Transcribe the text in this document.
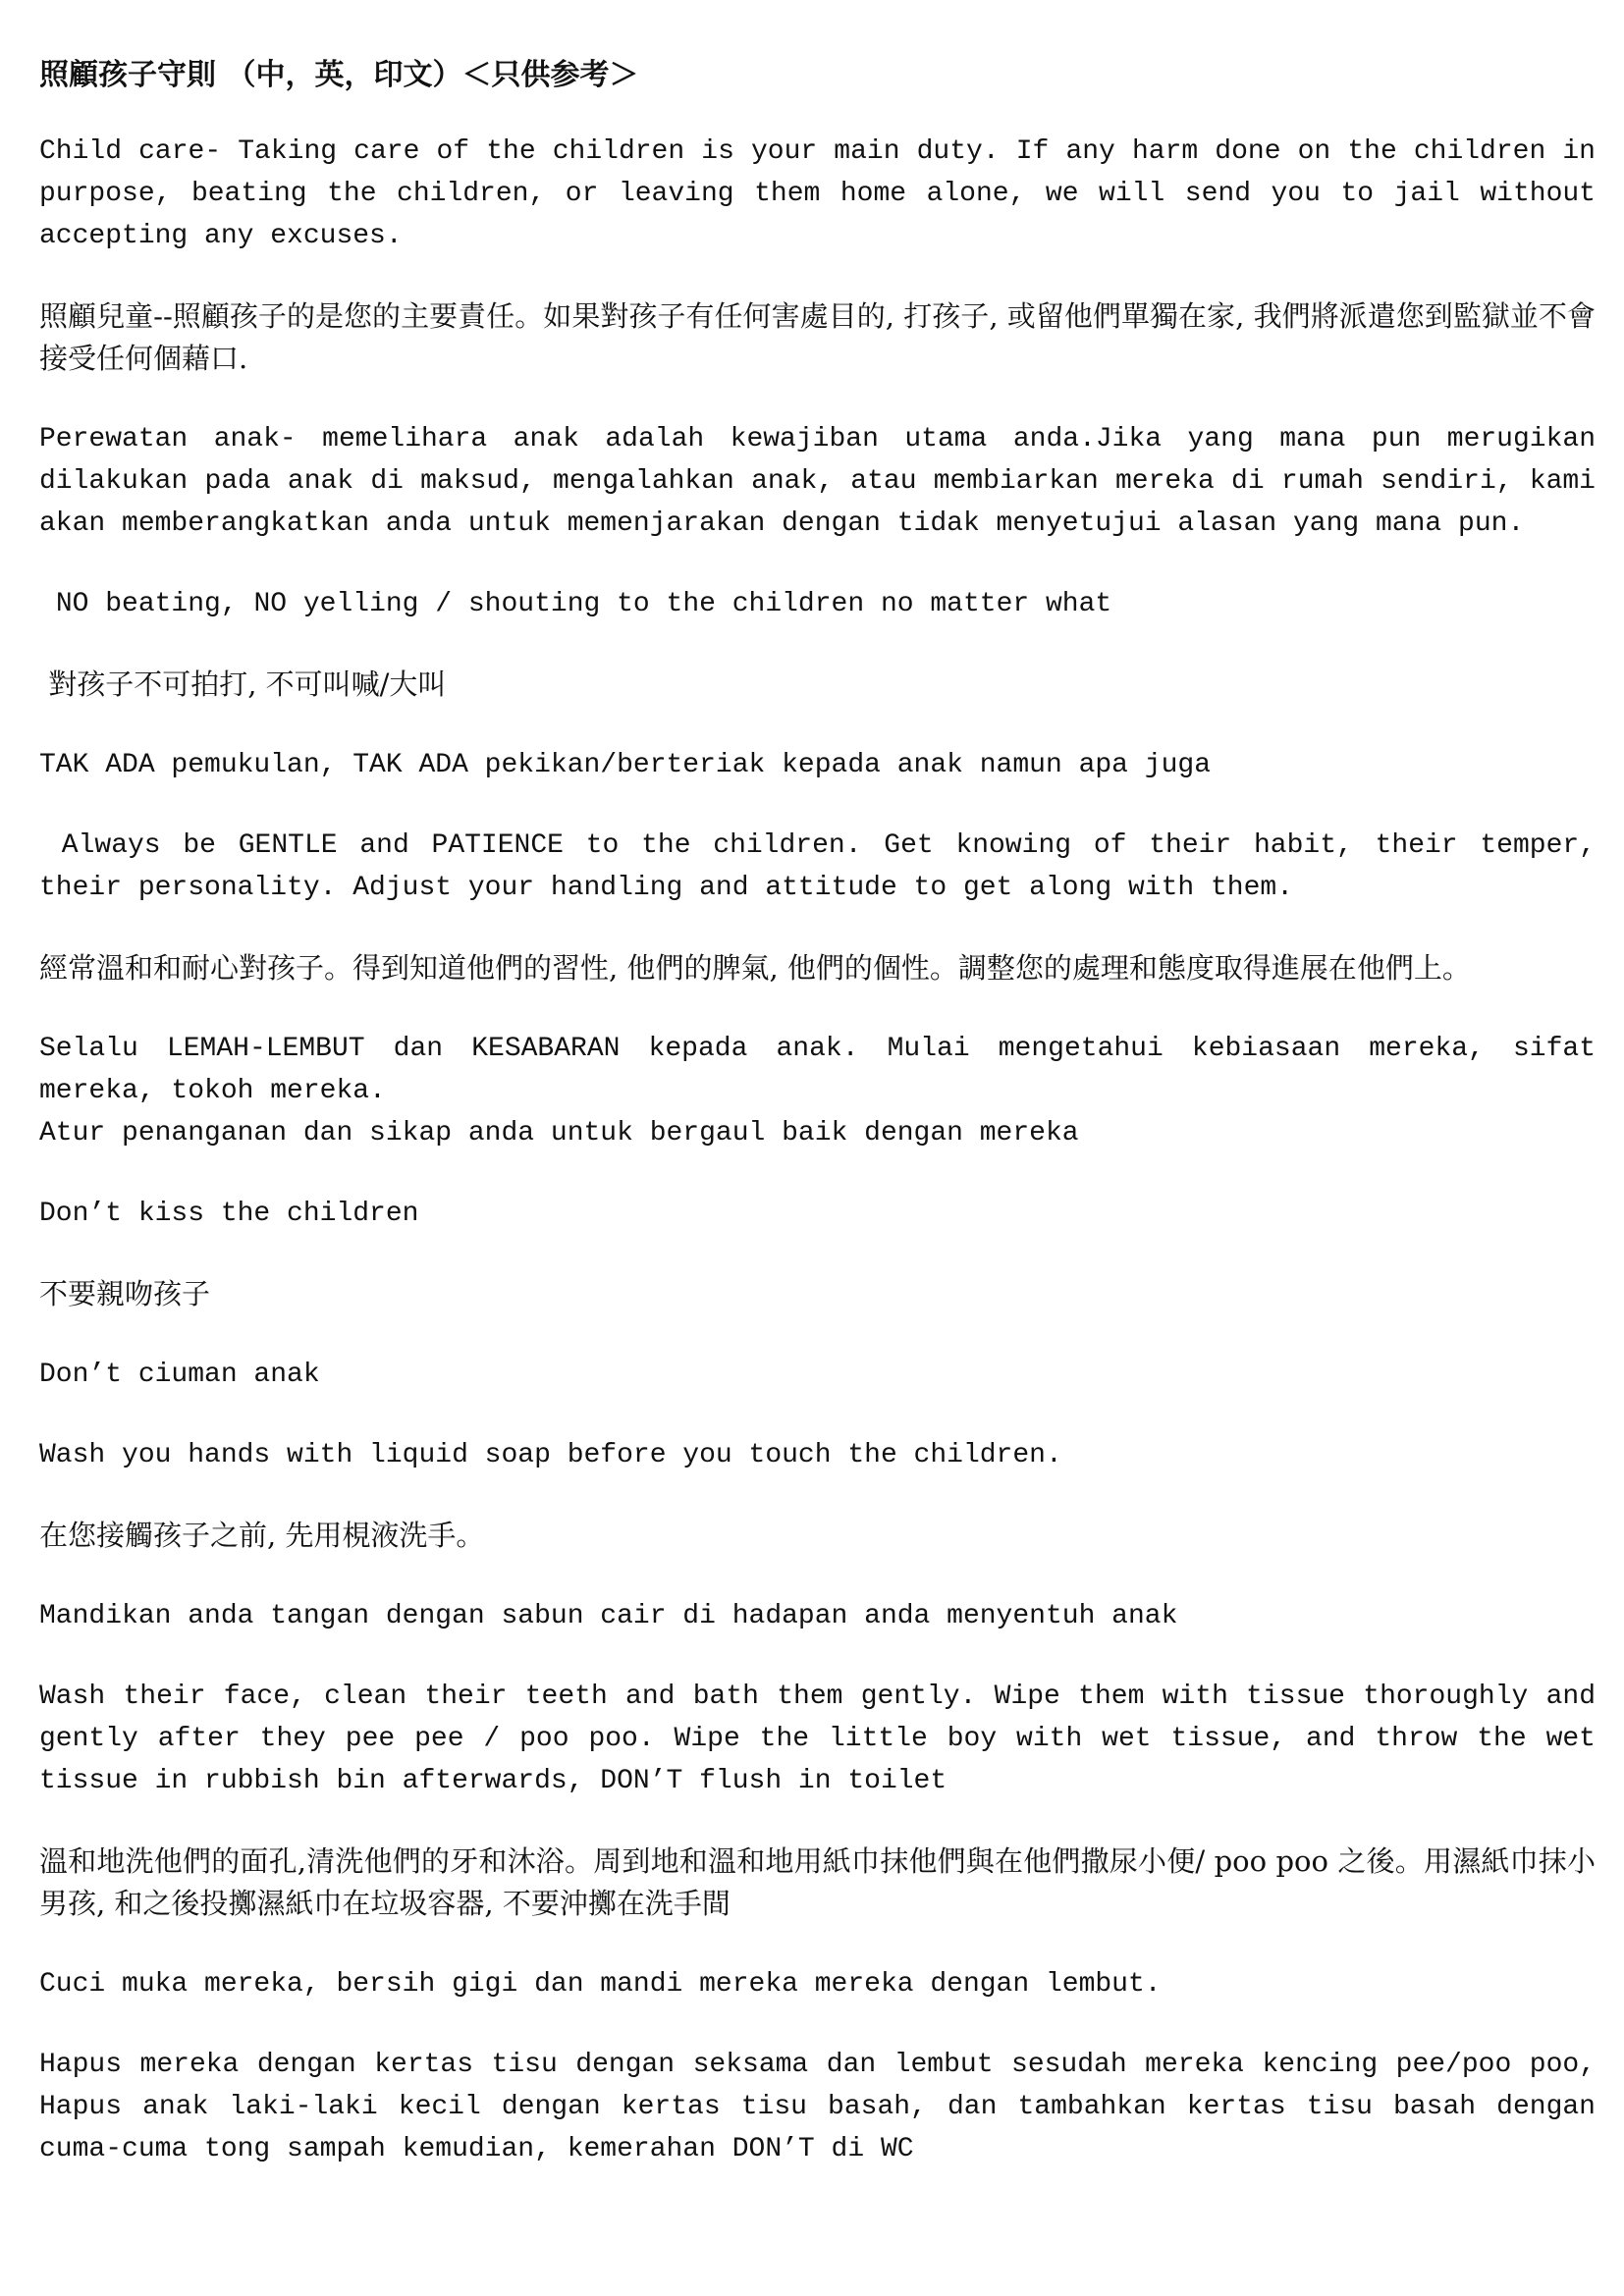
照顧孩子守則 （中，英，印文）＜只供参考＞
Child care- Taking care of the children is your main duty. If any harm done on the children in purpose, beating the children, or leaving them home alone, we will send you to jail without accepting any excuses.
照顧兒童--照顧孩子的是您的主要責任。如果對孩子有任何害處目的, 打孩子, 或留他們單獨在家, 我們將派遣您到監獄並不會接受任何個藉口.
Perewatan anak- memelihara anak adalah kewajiban utama anda.Jika yang mana pun merugikan dilakukan pada anak di maksud, mengalahkan anak, atau membiarkan mereka di rumah sendiri, kami akan memberangkatkan anda untuk memenjarakan dengan tidak menyetujui alasan yang mana pun.
NO beating, NO yelling / shouting to the children no matter what
對孩子不可拍打, 不可叫喊/大叫
TAK ADA pemukulan, TAK ADA pekikan/berteriak kepada anak namun apa juga
Always be GENTLE and PATIENCE to the children. Get knowing of their habit, their temper, their personality. Adjust your handling and attitude to get along with them.
經常溫和和耐心對孩子。得到知道他們的習性, 他們的脾氣, 他們的個性。調整您的處理和態度取得進展在他們上。
Selalu LEMAH-LEMBUT dan KESABARAN kepada anak. Mulai mengetahui kebiasaan mereka, sifat mereka, tokoh mereka.
Atur penanganan dan sikap anda untuk bergaul baik dengan mereka
Don’t kiss the children
不要親吻孩子
Don’t ciuman anak
Wash you hands with liquid soap before you touch the children.
在您接觸孩子之前, 先用梘液洗手。
Mandikan anda tangan dengan sabun cair di hadapan anda menyentuh anak
Wash their face, clean their teeth and bath them gently. Wipe them with tissue thoroughly and gently after they pee pee / poo poo. Wipe the little boy with wet tissue, and throw the wet tissue in rubbish bin afterwards, DON’T flush in toilet
溫和地洗他們的面孔,清洗他們的牙和沐浴。周到地和溫和地用紙巾抹他們與在他們撒尿小便/ poo poo 之後。用濕紙巾抹小男孩, 和之後投擲濕紙巾在垃圾容器, 不要沖擲在洗手間
Cuci muka mereka, bersih gigi dan mandi mereka mereka dengan lembut.
Hapus mereka dengan kertas tisu dengan seksama dan lembut sesudah mereka kencing pee/poo poo, Hapus anak laki-laki kecil dengan kertas tisu basah, dan tambahkan kertas tisu basah dengan cuma-cuma tong sampah kemudian, kemerahan DON’T di WC
